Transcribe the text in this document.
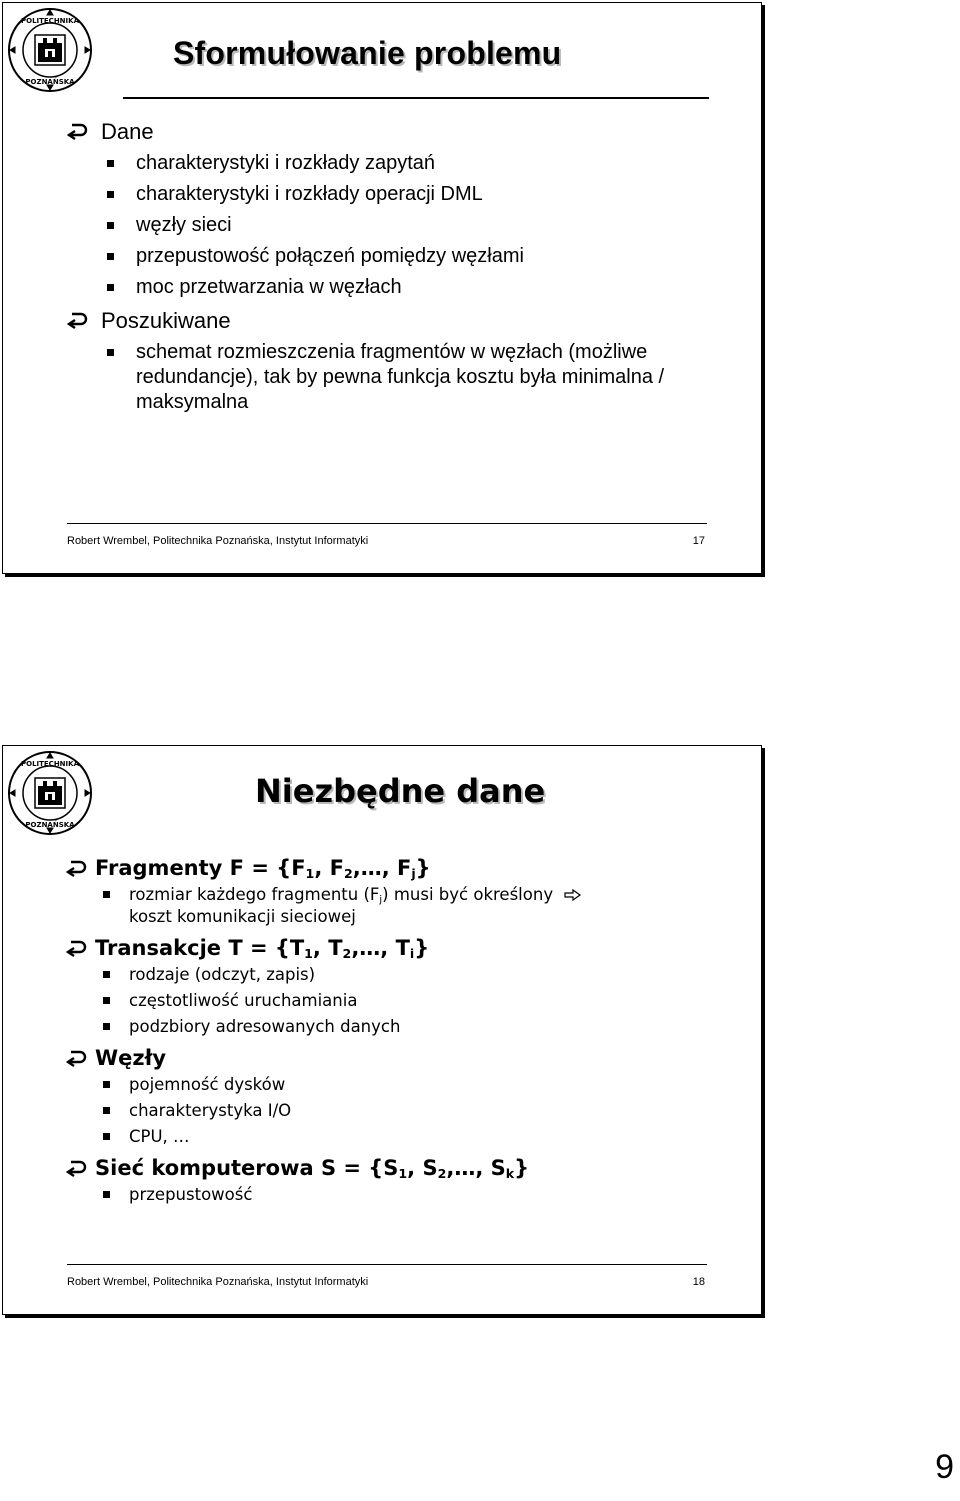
POLITECHNIKA
POZNAŃSKA
Sformułowanie problemu
Dane
charakterystyki i rozkłady zapytań
charakterystyki i rozkłady operacji DML
węzły sieci
przepustowość połączeń pomiędzy węzłami
moc przetwarzania w węzłach
Poszukiwane
schemat rozmieszczenia fragmentów w węzłach (możliwe redundancje), tak by pewna funkcja kosztu była minimalna / maksymalna
Robert Wrembel, Politechnika Poznańska, Instytut Informatyki	17
POLITECHNIKA
POZNAŃSKA
Niezbędne dane
Fragmenty $F = \{F_1$, $F_2,\dots$, $F_j$}
rozmiar każdego fragmentu $(F_j)$ musi być określony
koszt komunikacji sieciowej
Transakcje $T = \{T_1$, $T_2,\dots$, $T_i$}
rodzaje (odczyt, zapis)
częstotliwość uruchamiania
podzbiory adresowanych danych
Węzły
pojemność dysków
charakterystyka I/O
CPU, …
Sieć komputerowa $S = \{S_1$, $S_2,\dots$, $S_k$}
przepustowość
Robert Wrembel, Politechnika Poznańska, Instytut Informatyki	18
9
